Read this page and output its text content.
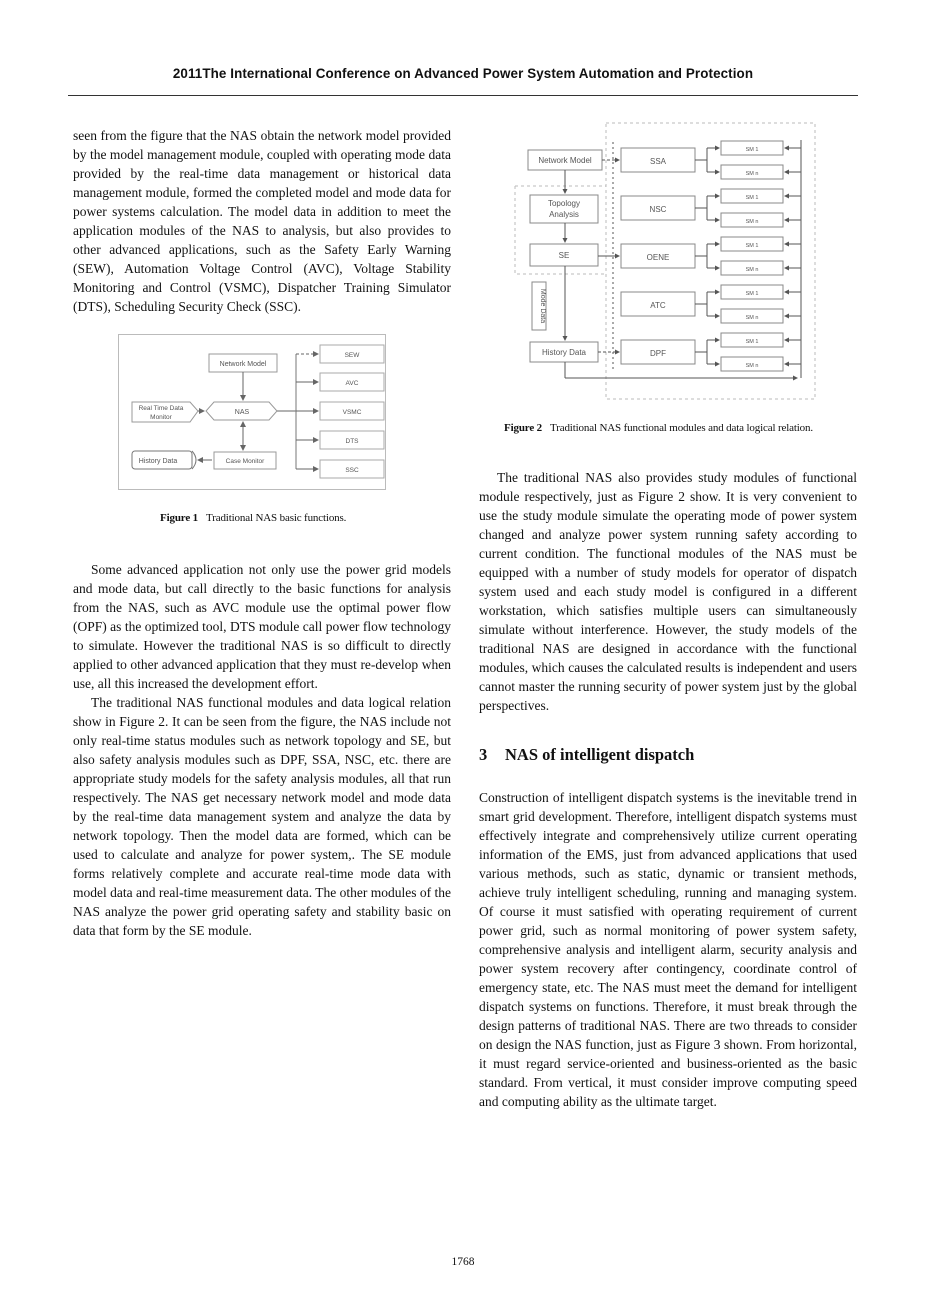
2011The International Conference on Advanced Power System Automation and Protection

seen from the figure that the NAS obtain the network model provided by the model management module, coupled with operating mode data provided by the real-time data management or historical data management module, formed the completed model and mode data for power systems calculation. The model data in addition to meet the application modules of the NAS to analysis, but also provides to other advanced applications, such as the Safety Early Warning (SEW), Automation Voltage Control (AVC), Voltage Stability Monitoring and Control (VSMC), Dispatcher Training Simulator (DTS), Scheduling Security Check (SSC).

Network Model
Real Time Data
Monitor
NAS
History Data	Case Monitor
SEW
AVC
VSMC
DTS
SSC
Figure 1 Traditional NAS basic functions.

Some advanced application not only use the power grid models and mode data, but call directly to the basic functions for analysis from the NAS, such as AVC module use the optimal power flow (OPF) as the optimized tool, DTS module call power flow technology to simulate. However the traditional NAS is so difficult to directly applied to other advanced application that they must re-develop when use, all this increased the development effort.

The traditional NAS functional modules and data logical relation show in Figure 2. It can be seen from the figure, the NAS include not only real-time status modules such as network topology and SE, but also safety analysis modules such as DPF, SSA, NSC, etc. there are appropriate study models for the safety analysis modules, all that run respectively. The NAS get necessary network model and mode data by the real-time data management system and analyze the data by network topology. Then the model data are formed, which can be used to calculate and analyze for power system,. The SE module forms relatively complete and accurate real-time mode data with model data and real-time measurement data. The other modules of the NAS analyze the power grid operating safety and stability basic on data that form by the SE module.

Network Model
Topology
Analysis
SE
Mode Data
History Data
SSA
NSC
OENE
ATC
DPF
SM 1
SM n
SM 1
SM n
SM 1
SM n
SM 1
SM n
SM 1
SM n
Figure 2 Traditional NAS functional modules and data logical relation.

The traditional NAS also provides study modules of functional module respectively, just as Figure 2 show. It is very convenient to use the study module simulate the operating mode of power system changed and analyze power system running safety according to current condition. The functional modules of the NAS must be equipped with a number of study models for operator of dispatch system used and each study model is configured in a different workstation, which satisfies multiple users can simultaneously simulate without interference. However, the study models of the traditional NAS are designed in accordance with the functional modules, which causes the calculated results is independent and users cannot master the running security of power system just by the global perspectives.

3 NAS of intelligent dispatch

Construction of intelligent dispatch systems is the inevitable trend in smart grid development. Therefore, intelligent dispatch systems must effectively integrate and comprehensively utilize current operating information of the EMS, just from advanced applications that used various methods, such as static, dynamic or transient methods, achieve truly intelligent scheduling, running and managing system. Of course it must satisfied with operating requirement of current power grid, such as normal monitoring of power system safety, comprehensive analysis and intelligent alarm, security analysis and power system recovery after contingency, coordinate control of emergency state, etc. The NAS must meet the demand for intelligent dispatch systems on functions. Therefore, it must break through the design patterns of traditional NAS. There are two threads to consider on design the NAS function, just as Figure 3 shown. From horizontal, it must regard service-oriented and business-oriented as the basic standard. From vertical, it must consider improve computing speed and computing ability as the ultimate target.

1768
